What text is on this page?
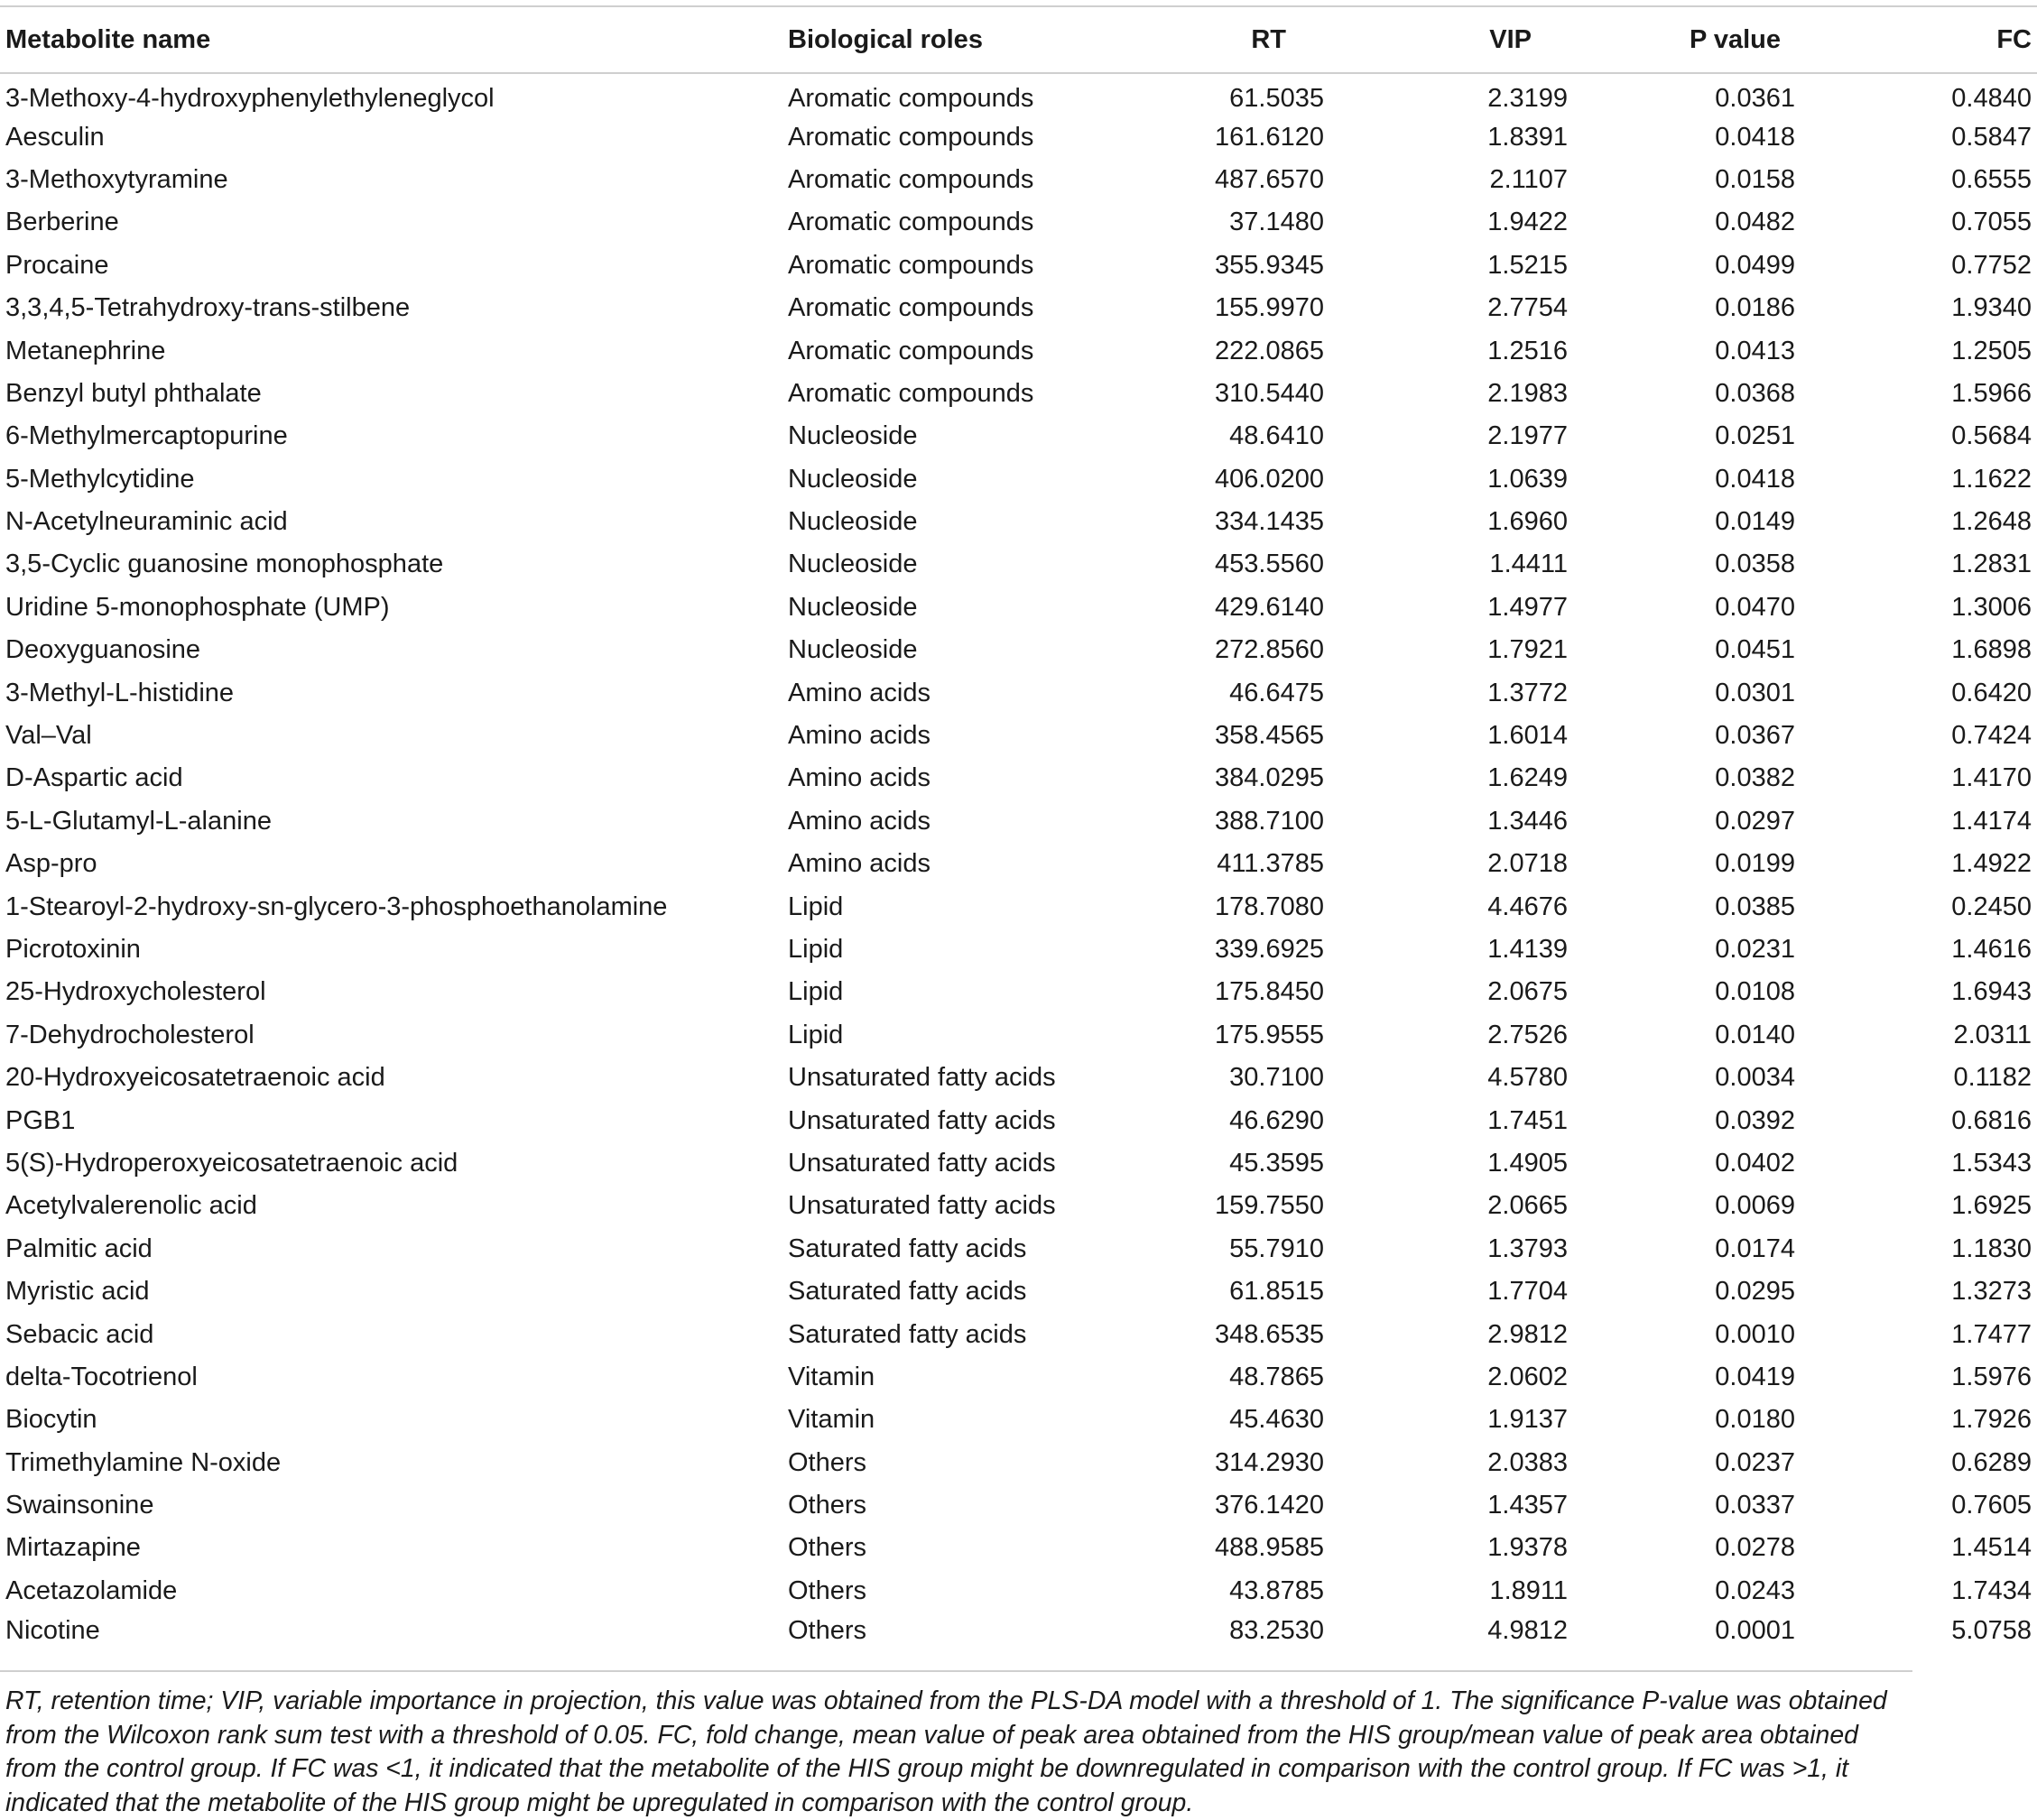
Metabolite name	Biological roles	RT	VIP	P value	FC
3-Methoxy-4-hydroxyphenylethyleneglycol	Aromatic compounds	61.5035	2.3199	0.0361	0.4840
Aesculin	Aromatic compounds	161.6120	1.8391	0.0418	0.5847
3-Methoxytyramine	Aromatic compounds	487.6570	2.1107	0.0158	0.6555
Berberine	Aromatic compounds	37.1480	1.9422	0.0482	0.7055
Procaine	Aromatic compounds	355.9345	1.5215	0.0499	0.7752
3,3,4,5-Tetrahydroxy-trans-stilbene	Aromatic compounds	155.9970	2.7754	0.0186	1.9340
Metanephrine	Aromatic compounds	222.0865	1.2516	0.0413	1.2505
Benzyl butyl phthalate	Aromatic compounds	310.5440	2.1983	0.0368	1.5966
6-Methylmercaptopurine	Nucleoside	48.6410	2.1977	0.0251	0.5684
5-Methylcytidine	Nucleoside	406.0200	1.0639	0.0418	1.1622
N-Acetylneuraminic acid	Nucleoside	334.1435	1.6960	0.0149	1.2648
3,5-Cyclic guanosine monophosphate	Nucleoside	453.5560	1.4411	0.0358	1.2831
Uridine 5-monophosphate (UMP)	Nucleoside	429.6140	1.4977	0.0470	1.3006
Deoxyguanosine	Nucleoside	272.8560	1.7921	0.0451	1.6898
3-Methyl-L-histidine	Amino acids	46.6475	1.3772	0.0301	0.6420
Val–Val	Amino acids	358.4565	1.6014	0.0367	0.7424
D-Aspartic acid	Amino acids	384.0295	1.6249	0.0382	1.4170
5-L-Glutamyl-L-alanine	Amino acids	388.7100	1.3446	0.0297	1.4174
Asp-pro	Amino acids	411.3785	2.0718	0.0199	1.4922
1-Stearoyl-2-hydroxy-sn-glycero-3-phosphoethanolamine	Lipid	178.7080	4.4676	0.0385	0.2450
Picrotoxinin	Lipid	339.6925	1.4139	0.0231	1.4616
25-Hydroxycholesterol	Lipid	175.8450	2.0675	0.0108	1.6943
7-Dehydrocholesterol	Lipid	175.9555	2.7526	0.0140	2.0311
20-Hydroxyeicosatetraenoic acid	Unsaturated fatty acids	30.7100	4.5780	0.0034	0.1182
PGB1	Unsaturated fatty acids	46.6290	1.7451	0.0392	0.6816
5(S)-Hydroperoxyeicosatetraenoic acid	Unsaturated fatty acids	45.3595	1.4905	0.0402	1.5343
Acetylvalerenolic acid	Unsaturated fatty acids	159.7550	2.0665	0.0069	1.6925
Palmitic acid	Saturated fatty acids	55.7910	1.3793	0.0174	1.1830
Myristic acid	Saturated fatty acids	61.8515	1.7704	0.0295	1.3273
Sebacic acid	Saturated fatty acids	348.6535	2.9812	0.0010	1.7477
delta-Tocotrienol	Vitamin	48.7865	2.0602	0.0419	1.5976
Biocytin	Vitamin	45.4630	1.9137	0.0180	1.7926
Trimethylamine N-oxide	Others	314.2930	2.0383	0.0237	0.6289
Swainsonine	Others	376.1420	1.4357	0.0337	0.7605
Mirtazapine	Others	488.9585	1.9378	0.0278	1.4514
Acetazolamide	Others	43.8785	1.8911	0.0243	1.7434
Nicotine	Others	83.2530	4.9812	0.0001	5.0758
RT, retention time; VIP, variable importance in projection, this value was obtained from the PLS-DA model with a threshold of 1. The significance P-value was obtained from the Wilcoxon rank sum test with a threshold of 0.05. FC, fold change, mean value of peak area obtained from the HIS group/mean value of peak area obtained from the control group. If FC was <1, it indicated that the metabolite of the HIS group might be downregulated in comparison with the control group. If FC was >1, it indicated that the metabolite of the HIS group might be upregulated in comparison with the control group.
